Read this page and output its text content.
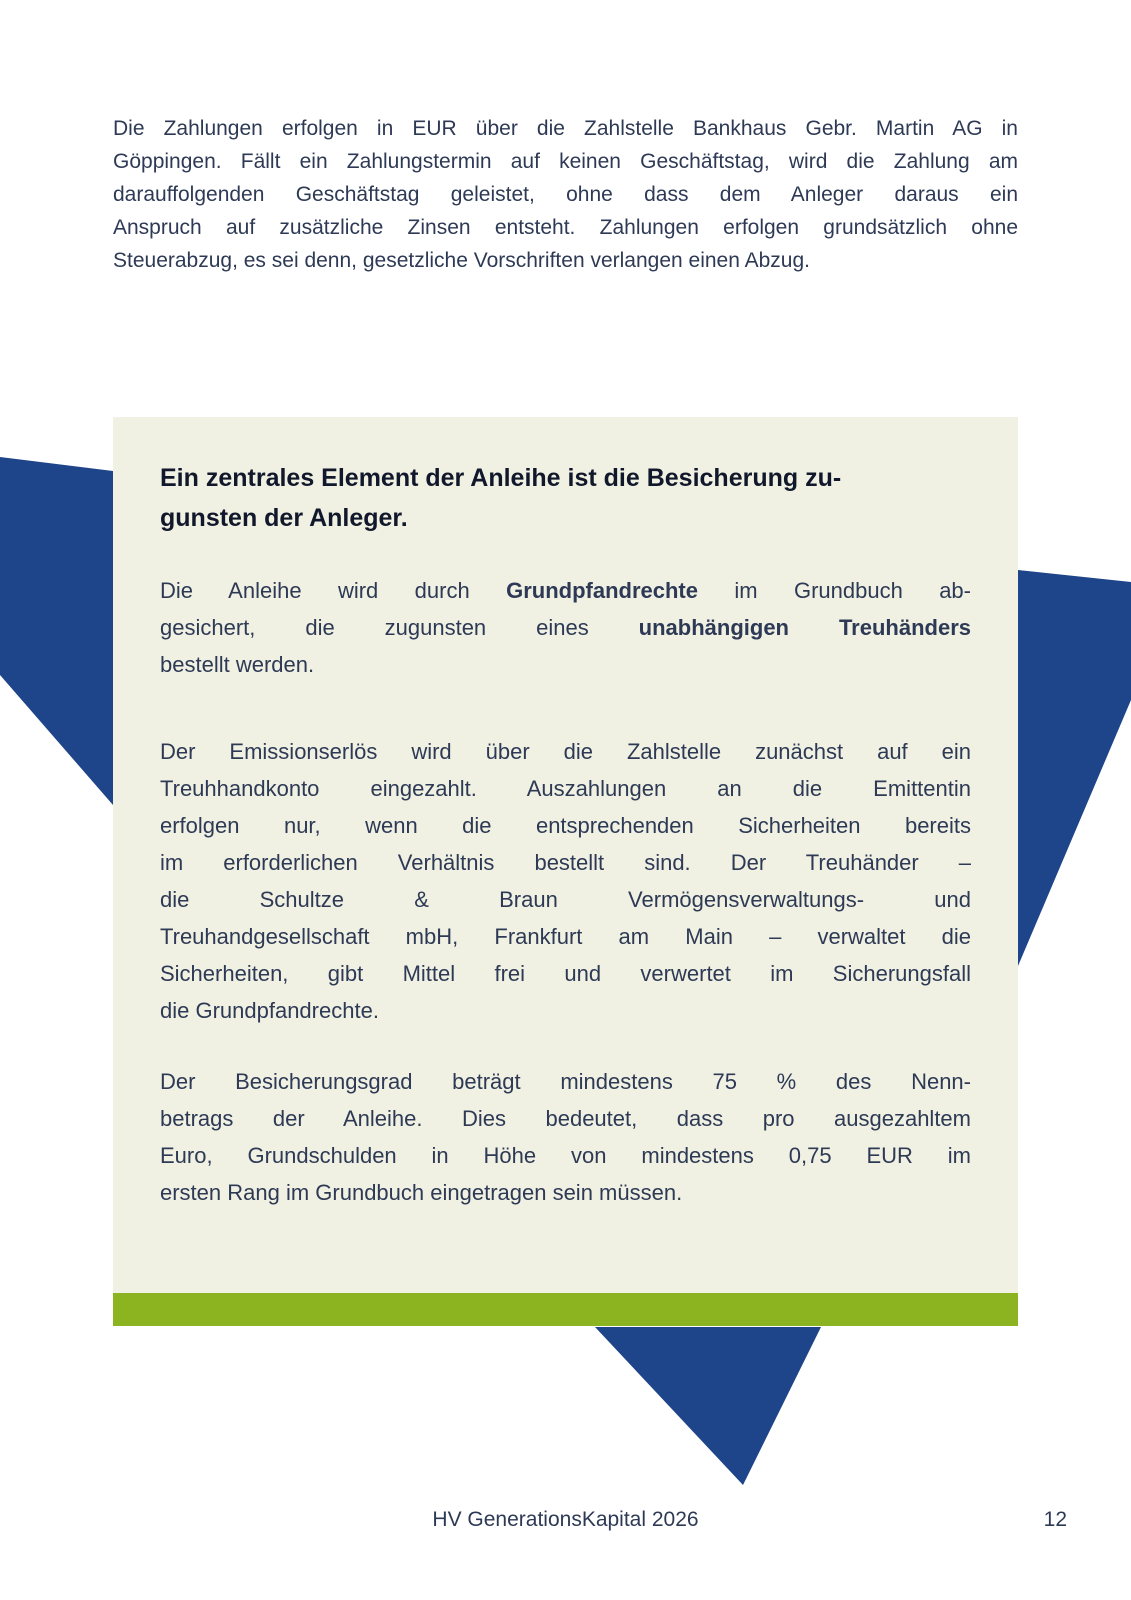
Die Zahlungen erfolgen in EUR über die Zahlstelle Bankhaus Gebr. Martin AG in
Göppingen. Fällt ein Zahlungstermin auf keinen Geschäftstag, wird die Zahlung am
darauffolgenden Geschäftstag geleistet, ohne dass dem Anleger daraus ein
Anspruch auf zusätzliche Zinsen entsteht. Zahlungen erfolgen grundsätzlich ohne
Steuerabzug, es sei denn, gesetzliche Vorschriften verlangen einen Abzug.
Ein zentrales Element der Anleihe ist die Besicherung zu-
gunsten der Anleger.
Die Anleihe wird durch Grundpfandrechte im Grundbuch ab-
gesichert, die zugunsten eines unabhängigen Treuhänders
bestellt werden.
Der Emissionserlös wird über die Zahlstelle zunächst auf ein
Treuhhandkonto eingezahlt. Auszahlungen an die Emittentin
erfolgen nur, wenn die entsprechenden Sicherheiten bereits
im erforderlichen Verhältnis bestellt sind. Der Treuhänder –
die Schultze & Braun Vermögensverwaltungs- und
Treuhandgesellschaft mbH, Frankfurt am Main – verwaltet die
Sicherheiten, gibt Mittel frei und verwertet im Sicherungsfall
die Grundpfandrechte.
Der Besicherungsgrad beträgt mindestens 75 % des Nenn-
betrags der Anleihe. Dies bedeutet, dass pro ausgezahltem
Euro, Grundschulden in Höhe von mindestens 0,75 EUR im
ersten Rang im Grundbuch eingetragen sein müssen.
HV GenerationsKapital 2026	12
